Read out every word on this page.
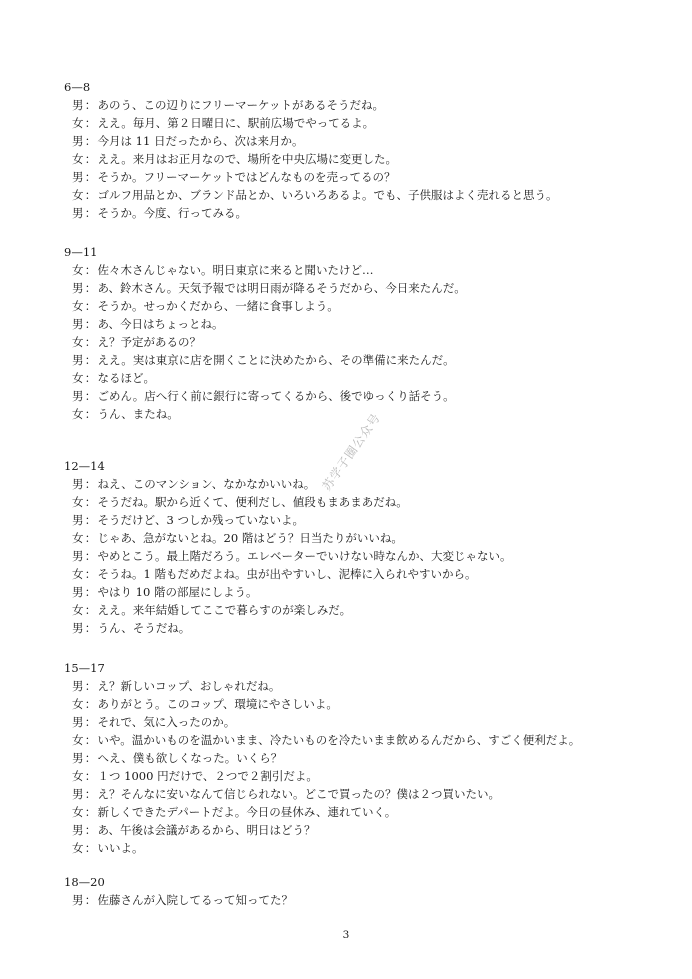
6—8
男：あのう、この辺りにフリーマーケットがあるそうだね。
女：ええ。毎月、第２日曜日に、駅前広場でやってるよ。
男：今月は 11 日だったから、次は来月か。
女：ええ。来月はお正月なので、場所を中央広場に変更した。
男：そうか。フリーマーケットではどんなものを売ってるの？
女：ゴルフ用品とか、ブランド品とか、いろいろあるよ。でも、子供服はよく売れると思う。
男：そうか。今度、行ってみる。
9—11
女：佐々木さんじゃない。明日東京に来ると聞いたけど…
男：あ、鈴木さん。天気予報では明日雨が降るそうだから、今日来たんだ。
女：そうか。せっかくだから、一緒に食事しよう。
男：あ、今日はちょっとね。
女：え？予定があるの？
男：ええ。実は東京に店を開くことに決めたから、その準備に来たんだ。
女：なるほど。
男：ごめん。店へ行く前に銀行に寄ってくるから、後でゆっくり話そう。
女：うん、またね。
12—14
男：ねえ、このマンション、なかなかいいね。
女：そうだね。駅から近くて、便利だし、値段もまあまあだね。
男：そうだけど、3 つしか残っていないよ。
女：じゃあ、急がないとね。20 階はどう？日当たりがいいね。
男：やめとこう。最上階だろう。エレベーターでいけない時なんか、大変じゃない。
女：そうね。1 階もだめだよね。虫が出やすいし、泥棒に入られやすいから。
男：やはり 10 階の部屋にしよう。
女：ええ。来年結婚してここで暮らすのが楽しみだ。
男：うん、そうだね。
15—17
男：え？新しいコップ、おしゃれだね。
女：ありがとう。このコップ、環境にやさしいよ。
男：それで、気に入ったのか。
女：いや。温かいものを温かいまま、冷たいものを冷たいまま飲めるんだから、すごく便利だよ。
男：へえ、僕も欲しくなった。いくら？
女：１つ 1000 円だけで、２つで２割引だよ。
男：え？そんなに安いなんて信じられない。どこで買ったの？僕は２つ買いたい。
女：新しくできたデパートだよ。今日の昼休み、連れていく。
男：あ、午後は会議があるから、明日はどう？
女：いいよ。
18—20
男：佐藤さんが入院してるって知ってた？
苏学子圈公众号
3
